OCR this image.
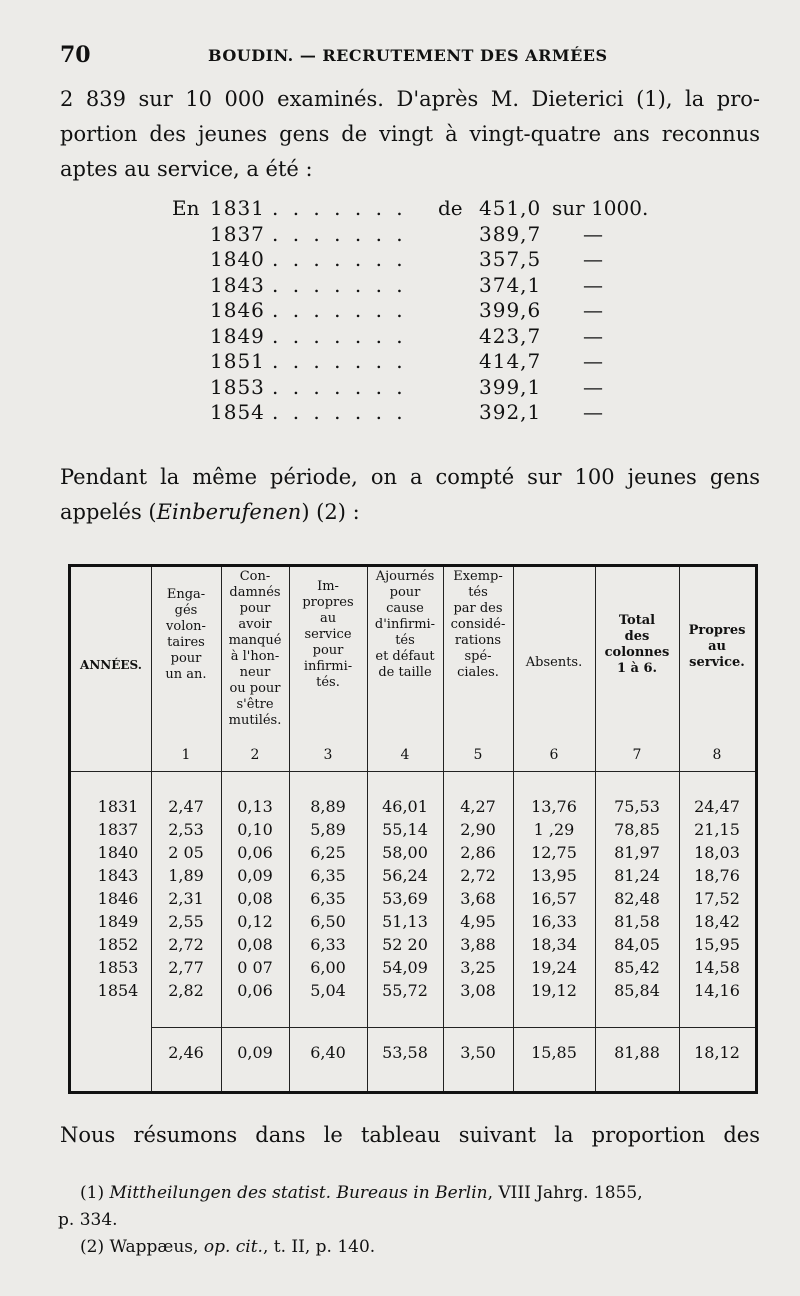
70	BOUDIN. — RECRUTEMENT DES ARMÉES
2 839 sur 10 000 examinés. D'après M. Dieterici (1), la pro-
portion des jeunes gens de vingt à vingt-quatre ans reconnus
aptes au service, a été :
En 1831 . . . . . . . de 451,0 sur 1000.
1837 . . . . . . .	389,7 —
1840 . . . . . . .	357,5 —
1843 . . . . . . .	374,1 —
1846 . . . . . . .	399,6 —
1849 . . . . . . .	423,7 —
1851 . . . . . . .	414,7 —
1853 . . . . . . .	399,1 —
1854 . . . . . . .	392,1 —
Pendant la même période, on a compté sur 100 jeunes gens
appelés (Einberufenen) (2) :
ANNÉES.
Enga-
gés
volon-
taires
pour
un an.
1
Con-
damnés
pour
avoir
manqué
à l'hon-
neur
ou pour
s'être
mutilés.
2
Im-
propres
au
service
pour
infirmi-
tés.
3
Ajournés
pour
cause
d'infirmi-
tés
et défaut
de taille
4
Exemp-
tés
par des
considé-
rations
spé-
ciales.
5
Absents.
6
Total
des
colonnes
1 à 6.
7
Propres
au
service.
8
1831	2,47	0,13	8,89	46,01	4,27	13,76	75,53	24,47
1837	2,53	0,10	5,89	55,14	2,90	1 ,29	78,85	21,15
1840	2 05	0,06	6,25	58,00	2,86	12,75	81,97	18,03
1843	1,89	0,09	6,35	56,24	2,72	13,95	81,24	18,76
1846	2,31	0,08	6,35	53,69	3,68	16,57	82,48	17,52
1849	2,55	0,12	6,50	51,13	4,95	16,33	81,58	18,42
1852	2,72	0,08	6,33	52 20	3,88	18,34	84,05	15,95
1853	2,77	0 07	6,00	54,09	3,25	19,24	85,42	14,58
1854	2,82	0,06	5,04	55,72	3,08	19,12	85,84	14,16
2,46	0,09	6,40	53,58	3,50	15,85	81,88	18,12
Nous résumons dans le tableau suivant la proportion des
(1) Mittheilungen des statist. Bureaus in Berlin, VIII Jahrg. 1855,
p. 334.
(2) Wappæus, op. cit., t. II, p. 140.
